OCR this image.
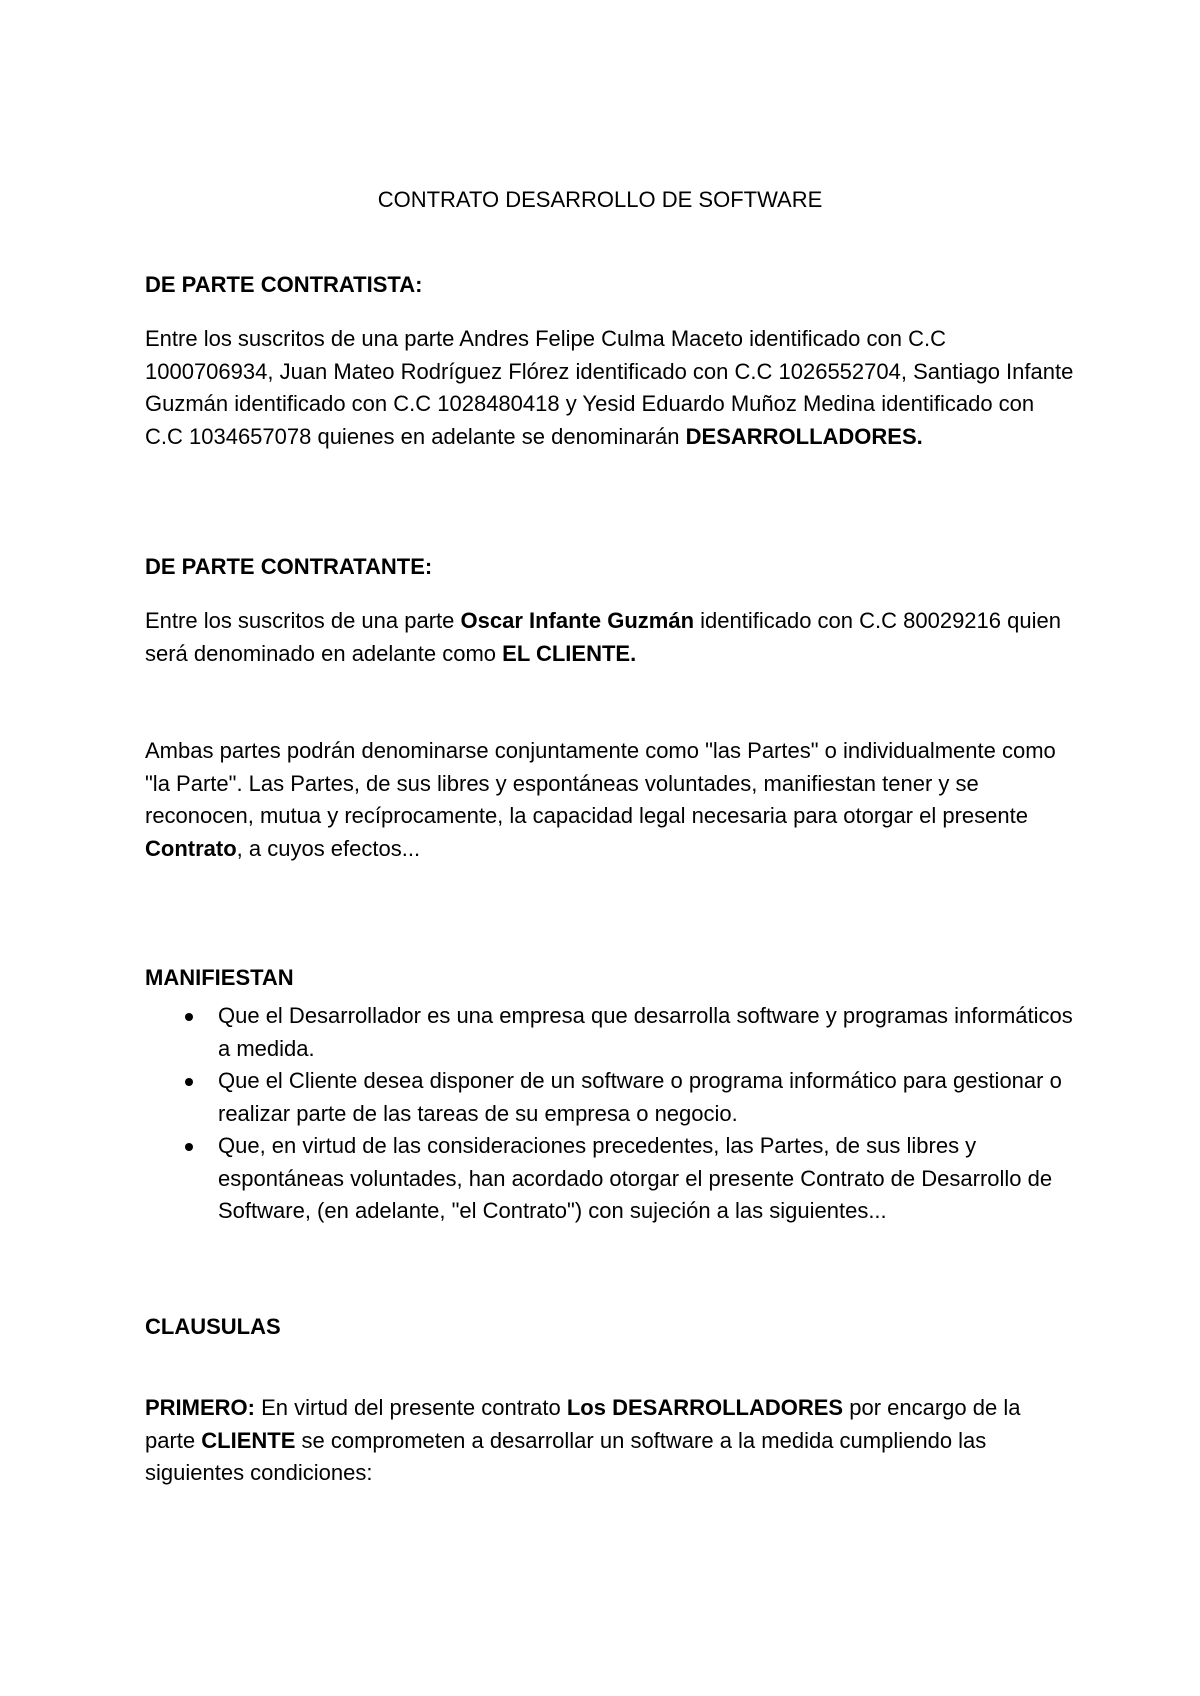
CONTRATO DESARROLLO DE SOFTWARE
DE PARTE CONTRATISTA:

Entre los suscritos de una parte Andres Felipe Culma Maceto identificado con C.C 1000706934, Juan Mateo Rodríguez Flórez identificado con C.C 1026552704, Santiago Infante Guzmán identificado con C.C 1028480418 y Yesid Eduardo Muñoz Medina identificado con C.C 1034657078 quienes en adelante se denominarán DESARROLLADORES.

DE PARTE CONTRATANTE:

Entre los suscritos de una parte Oscar Infante Guzmán identificado con C.C 80029216 quien será denominado en adelante como EL CLIENTE.

Ambas partes podrán denominarse conjuntamente como "las Partes" o individualmente como "la Parte". Las Partes, de sus libres y espontáneas voluntades, manifiestan tener y se reconocen, mutua y recíprocamente, la capacidad legal necesaria para otorgar el presente Contrato, a cuyos efectos...

MANIFIESTAN
Que el Desarrollador es una empresa que desarrolla software y programas informáticos a medida.
Que el Cliente desea disponer de un software o programa informático para gestionar o realizar parte de las tareas de su empresa o negocio.
Que, en virtud de las consideraciones precedentes, las Partes, de sus libres y espontáneas voluntades, han acordado otorgar el presente Contrato de Desarrollo de Software, (en adelante, "el Contrato") con sujeción a las siguientes...
CLAUSULAS

PRIMERO: En virtud del presente contrato Los DESARROLLADORES por encargo de la parte CLIENTE se comprometen a desarrollar un software a la medida cumpliendo las siguientes condiciones:
